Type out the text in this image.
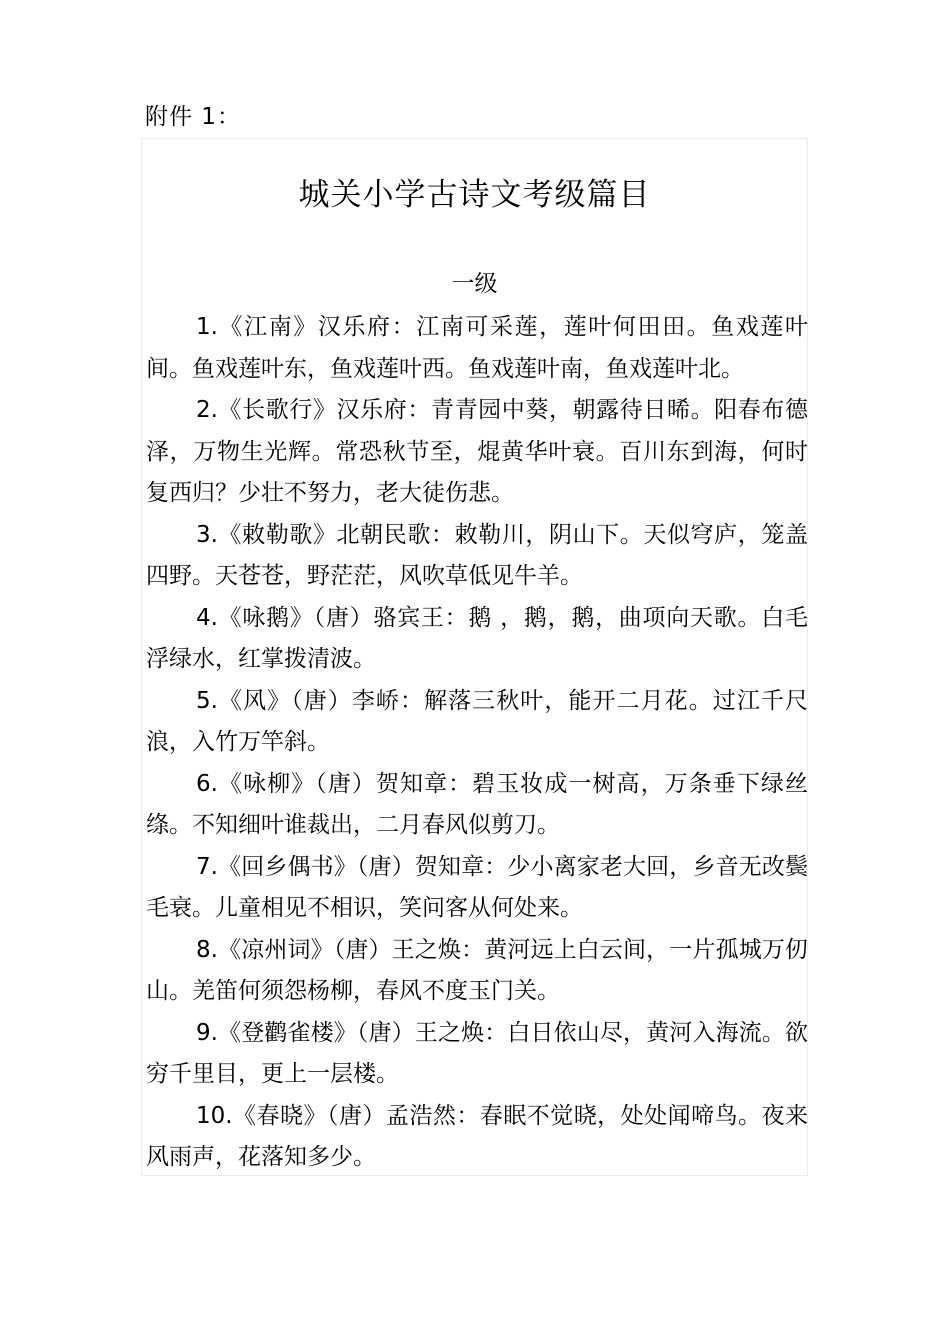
附件 1：
城关小学古诗文考级篇目
一级

1.《江南》汉乐府：江南可采莲，莲叶何田田。鱼戏莲叶间。鱼戏莲叶东，鱼戏莲叶西。鱼戏莲叶南，鱼戏莲叶北。

2.《长歌行》汉乐府：青青园中葵，朝露待日晞。阳春布德泽，万物生光辉。常恐秋节至，焜黄华叶衰。百川东到海，何时复西归？少壮不努力，老大徒伤悲。

3.《敕勒歌》北朝民歌：敕勒川，阴山下。天似穹庐，笼盖四野。天苍苍，野茫茫，风吹草低见牛羊。

4.《咏鹅》（唐）骆宾王：鹅 ，鹅，鹅，曲项向天歌。白毛浮绿水，红掌拨清波。

5.《风》（唐）李峤：解落三秋叶，能开二月花。过江千尺浪，入竹万竿斜。

6.《咏柳》（唐）贺知章：碧玉妆成一树高，万条垂下绿丝绦。不知细叶谁裁出，二月春风似剪刀。

7.《回乡偶书》（唐）贺知章：少小离家老大回，乡音无改鬓毛衰。儿童相见不相识，笑问客从何处来。

8.《凉州词》（唐）王之焕：黄河远上白云间，一片孤城万仞山。羌笛何须怨杨柳，春风不度玉门关。

9.《登鹳雀楼》（唐）王之焕：白日依山尽，黄河入海流。欲穷千里目，更上一层楼。

10.《春晓》（唐）孟浩然：春眠不觉晓，处处闻啼鸟。夜来风雨声，花落知多少。
